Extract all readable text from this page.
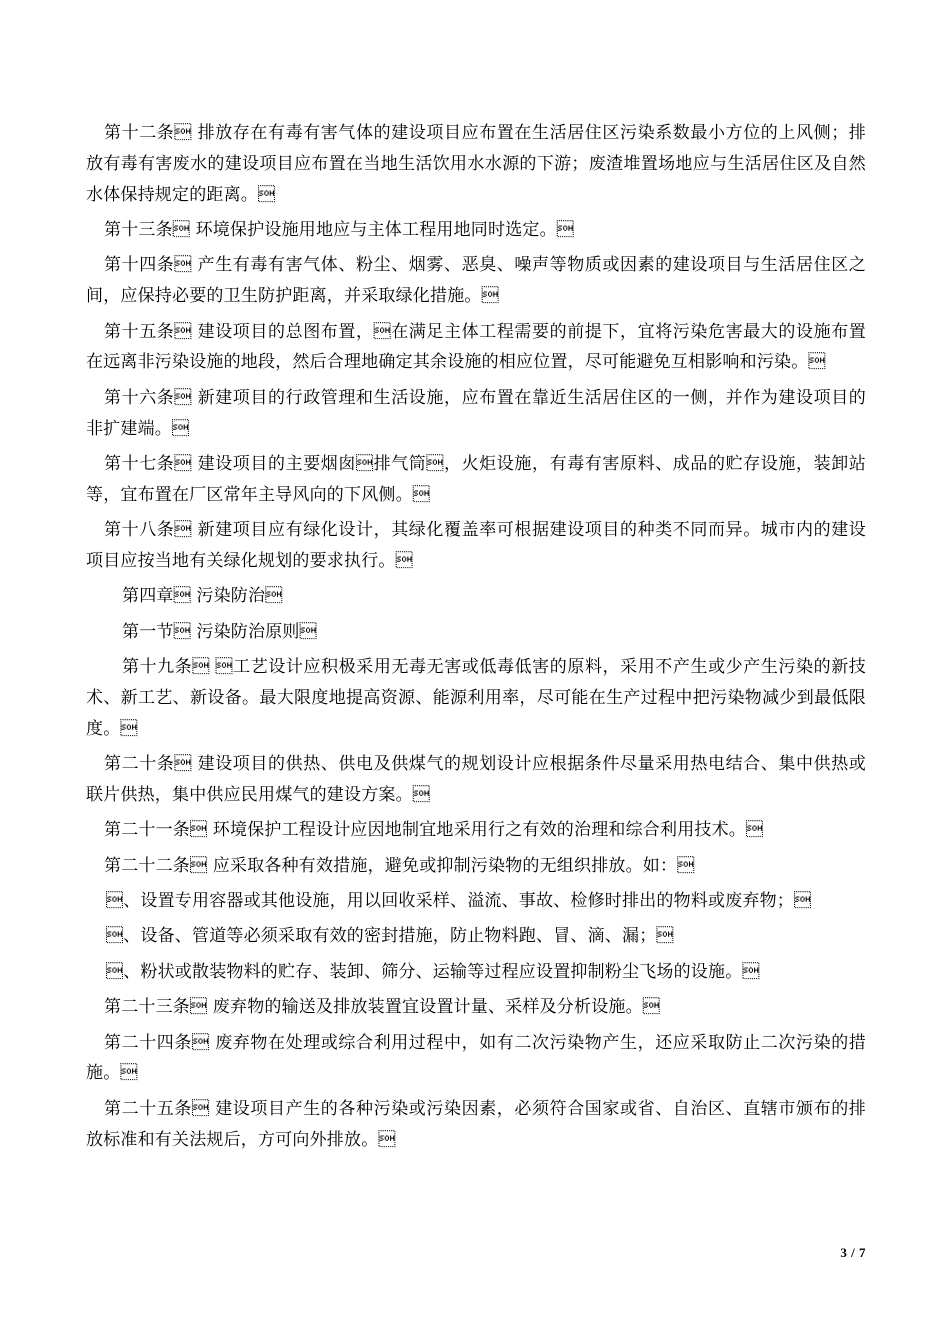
第十二条 排放存在有毒有害气体的建设项目应布置在生活居住区污染系数最小方位的上风侧；排放有毒有害废水的建设项目应布置在当地生活饮用水水源的下游；废渣堆置场地应与生活居住区及自然水体保持规定的距离。

第十三条 环境保护设施用地应与主体工程用地同时选定。

第十四条 产生有毒有害气体、粉尘、烟雾、恶臭、噪声等物质或因素的建设项目与生活居住区之间，应保持必要的卫生防护距离，并采取绿化措施。

第十五条 建设项目的总图布置，在满足主体工程需要的前提下，宜将污染危害最大的设施布置在远离非污染设施的地段，然后合理地确定其余设施的相应位置，尽可能避免互相影响和污染。

第十六条 新建项目的行政管理和生活设施，应布置在靠近生活居住区的一侧，并作为建设项目的非扩建端。

第十七条 建设项目的主要烟囱排气筒，火炬设施，有毒有害原料、成品的贮存设施，装卸站等，宜布置在厂区常年主导风向的下风侧。

第十八条 新建项目应有绿化设计，其绿化覆盖率可根据建设项目的种类不同而异。城市内的建设项目应按当地有关绿化规划的要求执行。

第四章 污染防治

第一节 污染防治原则

第十九条 工艺设计应积极采用无毒无害或低毒低害的原料，采用不产生或少产生污染的新技术、新工艺、新设备。最大限度地提高资源、能源利用率，尽可能在生产过程中把污染物减少到最低限度。

第二十条 建设项目的供热、供电及供煤气的规划设计应根据条件尽量采用热电结合、集中供热或联片供热，集中供应民用煤气的建设方案。

第二十一条 环境保护工程设计应因地制宜地采用行之有效的治理和综合利用技术。

第二十二条 应采取各种有效措施，避免或抑制污染物的无组织排放。如：

、设置专用容器或其他设施，用以回收采样、溢流、事故、检修时排出的物料或废弃物；

、设备、管道等必须采取有效的密封措施，防止物料跑、冒、滴、漏；

、粉状或散装物料的贮存、装卸、筛分、运输等过程应设置抑制粉尘飞场的设施。

第二十三条 废弃物的输送及排放装置宜设置计量、采样及分析设施。

第二十四条 废弃物在处理或综合利用过程中，如有二次污染物产生，还应采取防止二次污染的措施。

第二十五条 建设项目产生的各种污染或污染因素，必须符合国家或省、自治区、直辖市颁布的排放标准和有关法规后，方可向外排放。

3 / 7
